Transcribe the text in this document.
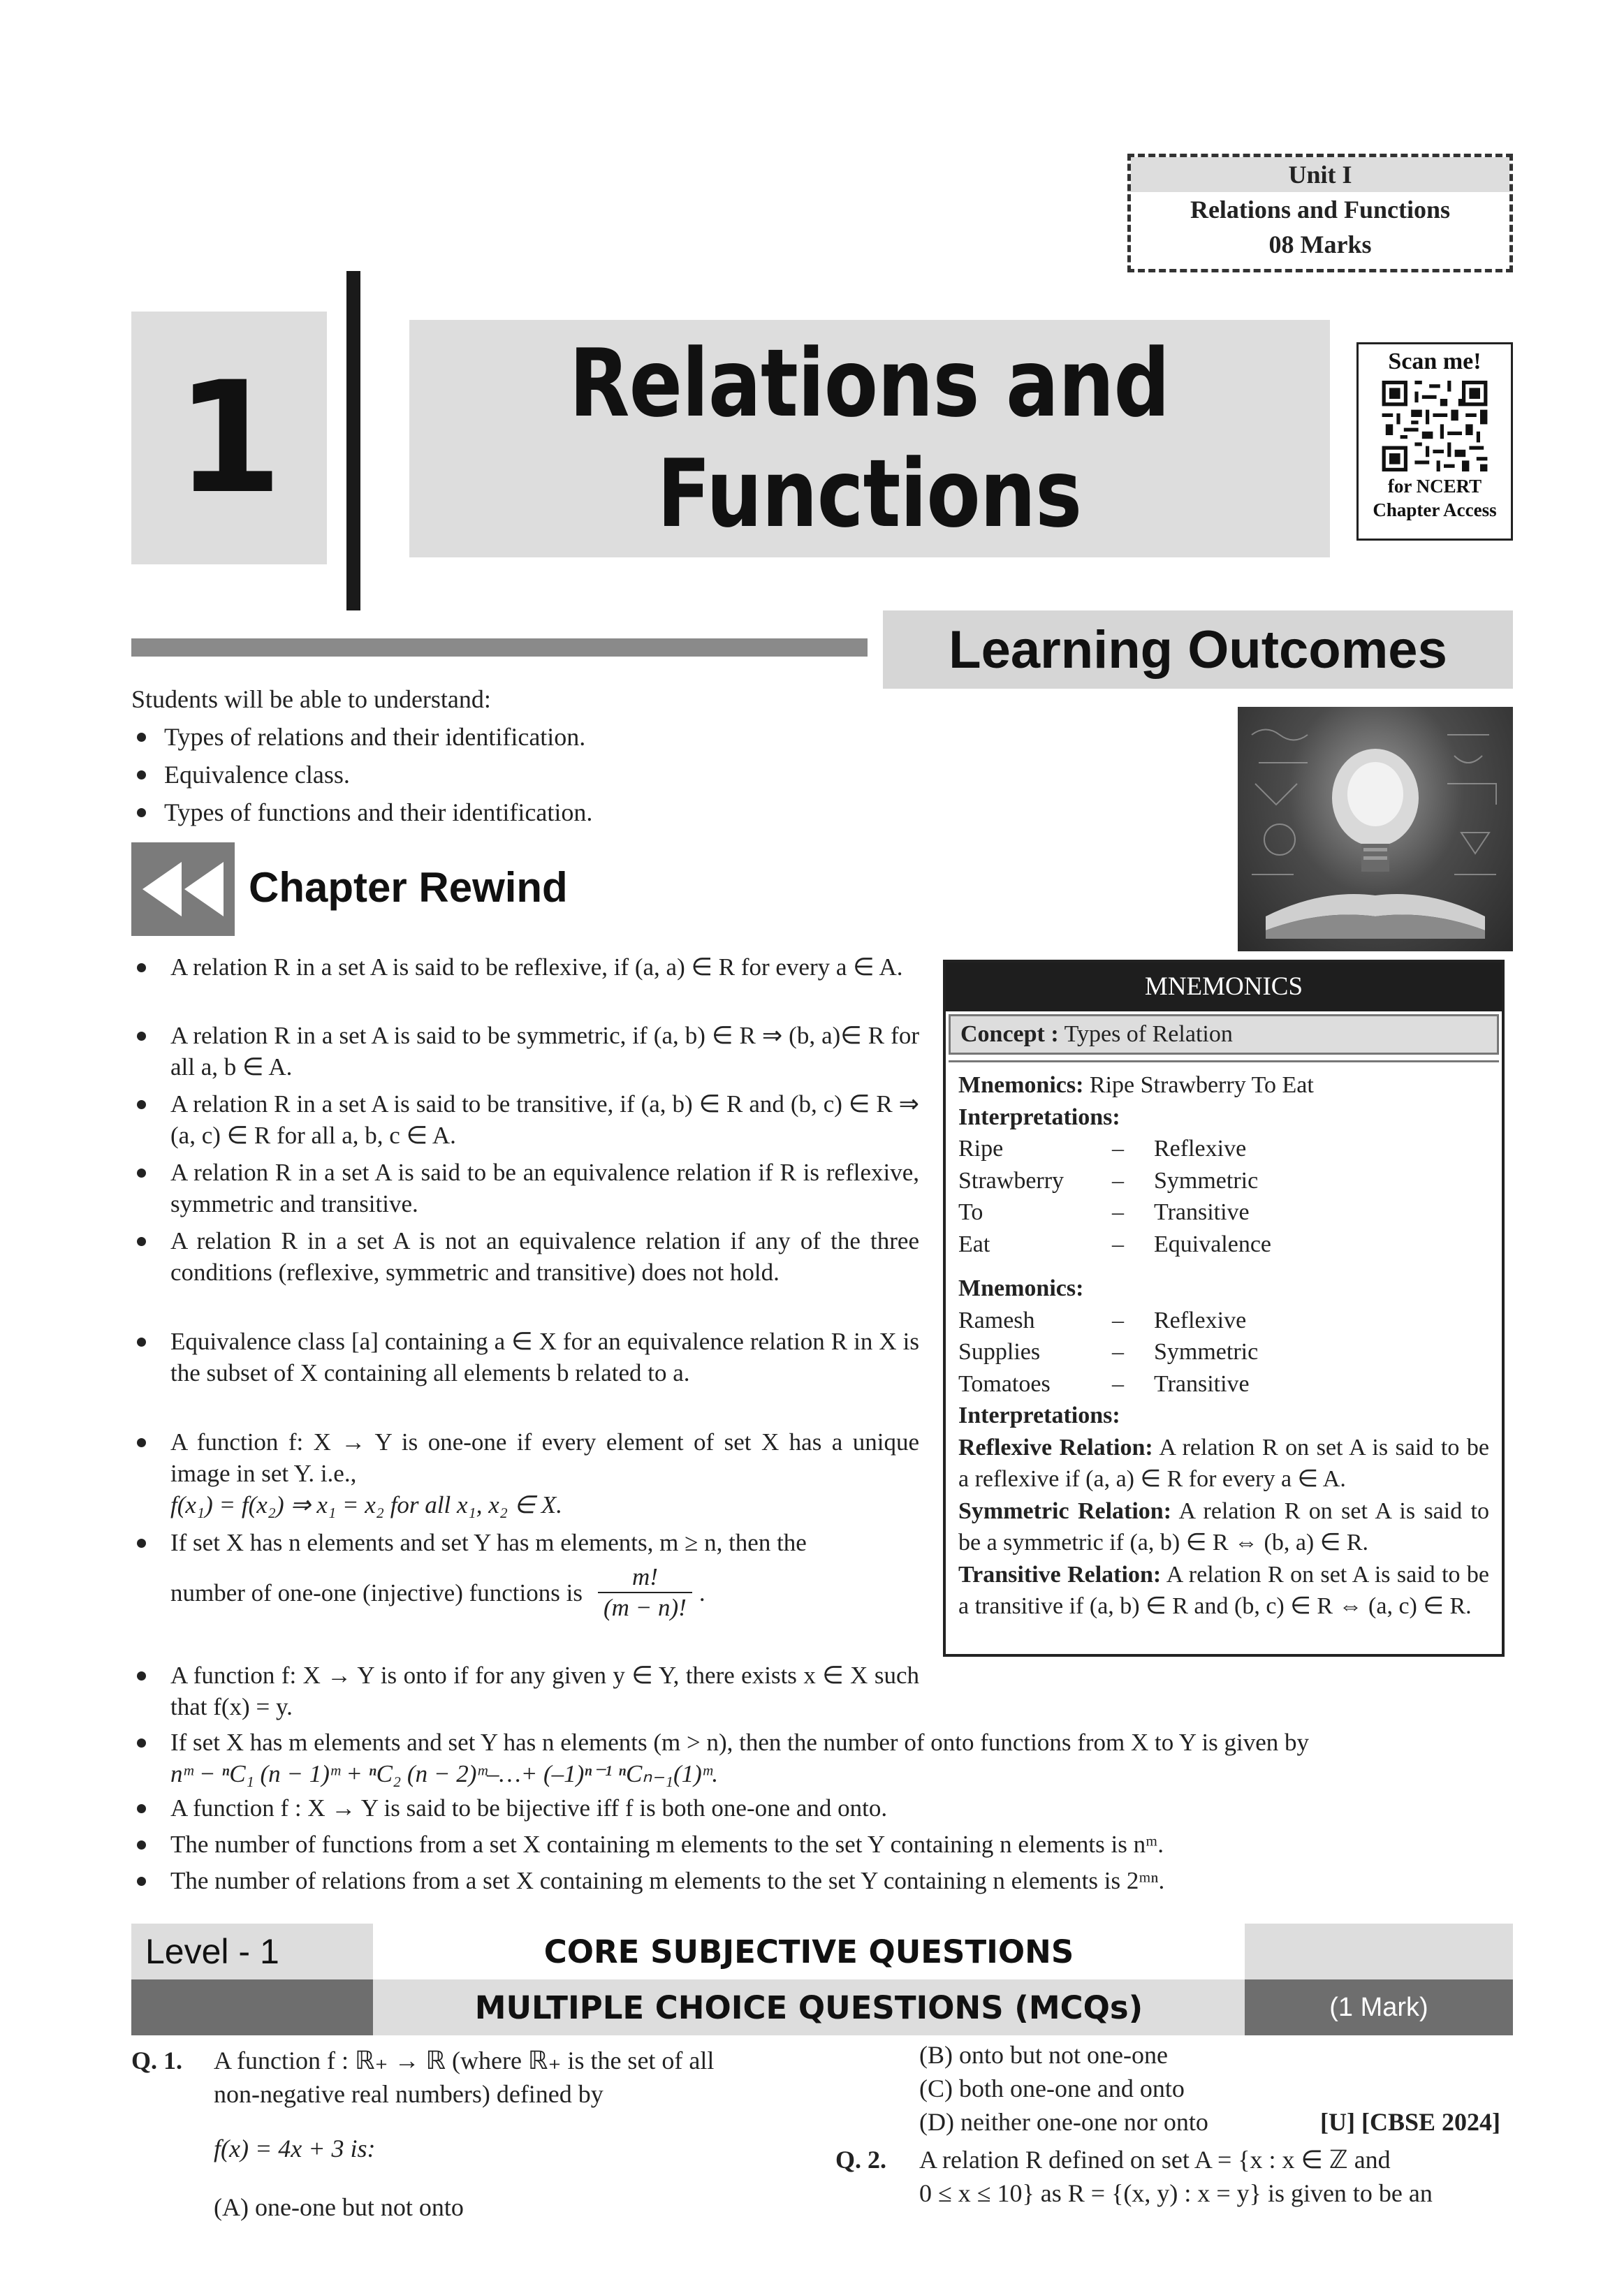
Unit I
Relations and Functions
08 Marks
1	Relations and
Functions
Scan me!
for NCERT
Chapter Access
Learning Outcomes
Students will be able to understand:
Types of relations and their identification.
Equivalence class.
Types of functions and their identification.
Chapter Rewind
A relation R in a set A is said to be reflexive, if (a, a) ∈ R for every a ∈ A.
A relation R in a set A is said to be symmetric, if (a, b) ∈ R ⇒ (b, a)∈ R for all a, b ∈ A.
A relation R in a set A is said to be transitive, if (a, b) ∈ R and (b, c) ∈ R ⇒ (a, c) ∈ R for all a, b, c ∈ A.
A relation R in a set A is said to be an equivalence relation if R is reflexive, symmetric and transitive.
A relation R in a set A is not an equivalence relation if any of the three conditions (reflexive, symmetric and transitive) does not hold.
Equivalence class [a] containing a ∈ X for an equivalence relation R in X is the subset of X containing all elements b related to a.
A function f: X → Y is one-one if every element of set X has a unique image in set Y. i.e.,
f(x₁) = f(x₂) ⇒ x₁ = x₂ for all x₁, x₂ ∈ X.
If set X has n elements and set Y has m elements, m ≥ n, then the
number of one-one (injective) functions is $\frac{m!}{(m - n)!}$ .
A function f: X → Y is onto if for any given y ∈ Y, there exists x ∈ X such that f(x) = y.
If set X has m elements and set Y has n elements (m > n), then the number of onto functions from X to Y is given by
nᵐ − ⁿC₁ (n − 1)ᵐ + ⁿC₂ (n − 2)ᵐ–…+ (–1)ⁿ⁻¹ ⁿCₙ₋₁(1)ᵐ.
A function f : X → Y is said to be bijective iff f is both one-one and onto.
The number of functions from a set X containing m elements to the set Y containing n elements is nᵐ.
The number of relations from a set X containing m elements to the set Y containing n elements is 2ᵐⁿ.
MNEMONICS
Concept : Types of Relation
Mnemonics: Ripe Strawberry To Eat
Interpretations:
Ripe	–	Reflexive
Strawberry	–	Symmetric
To	–	Transitive
Eat	–	Equivalence
Mnemonics:
Ramesh	–	Reflexive
Supplies	–	Symmetric
Tomatoes	–	Transitive
Interpretations:
Reflexive Relation: A relation R on set A is said to be a reflexive if (a, a) ∈ R for every a ∈ A.
Symmetric Relation: A relation R on set A is said to be a symmetric if (a, b) ∈ R ⇔ (b, a) ∈ R.
Transitive Relation: A relation R on set A is said to be a transitive if (a, b) ∈ R and (b, c) ∈ R ⇔ (a, c) ∈ R.
Level - 1	CORE SUBJECTIVE QUESTIONS
MULTIPLE CHOICE QUESTIONS (MCQs)	(1 Mark)
Q. 1. A function f : ℝ₊ → ℝ (where ℝ₊ is the set of all
non-negative real numbers) defined by
f(x) = 4x + 3 is:
(A) one-one but not onto
(B) onto but not one-one
(C) both one-one and onto
(D) neither one-one nor onto	[U] [CBSE 2024]
Q. 2. A relation R defined on set A = {x : x ∈ ℤ and
0 ≤ x ≤ 10} as R = {(x, y) : x = y} is given to be an
